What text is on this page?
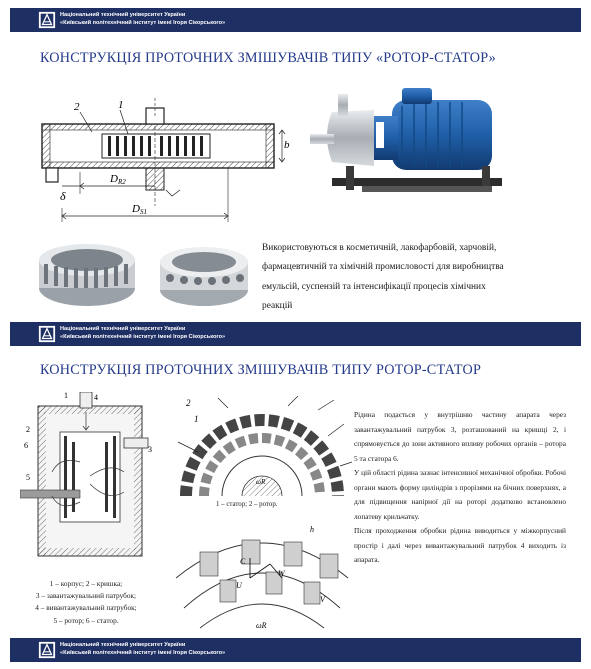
Національний технічний університет України
«Київський політехнічний інститут імені Ігоря Сікорського»
КОНСТРУКЦІЯ ПРОТОЧНИХ ЗМІШУВАЧІВ ТИПУ «РОТОР-СТАТОР»
2	1
b
δ
DR2
DS1
Використовуються в косметичній, лакофарбовій, харчовій,
фармацевтичній та хімічній промисловості для виробництва
емульсій, суспензій та інтенсифікації процесів хімічних
реакцій
Національний технічний університет України
«Київський політехнічний інститут імені Ігоря Сікорського»
КОНСТРУКЦІЯ ПРОТОЧНИХ ЗМІШУВАЧІВ ТИПУ РОТОР-СТАТОР
1	4
2
6
5
3
1 – корпус; 2 – кришка;
3 – завантажувальний патрубок;
4 – вивантажувальний патрубок;
5 – ротор; 6 – статор.
2
1
ωR
1 – статор; 2 – ротор.
C
U
W
V
h
ωR
Рідина подається у внутрішню частину апарата через завантажувальний патрубок 3, розташований на кришці 2, і спрямовується до зони активного впливу робочих органів – ротора 5 та статора 6.
У цій області рідина зазнає інтенсивної механічної обробки. Робочі органи мають форму циліндрів з прорізями на бічних поверхнях, а для підвищення напірної дії на роторі додатково встановлено лопатеву крильчатку.
Після проходження обробки рідина виводиться у міжкорпусний простір і далі через вивантажувальний патрубок 4 виходить із апарата.
Національний технічний університет України
«Київський політехнічний інститут імені Ігоря Сікорського»
